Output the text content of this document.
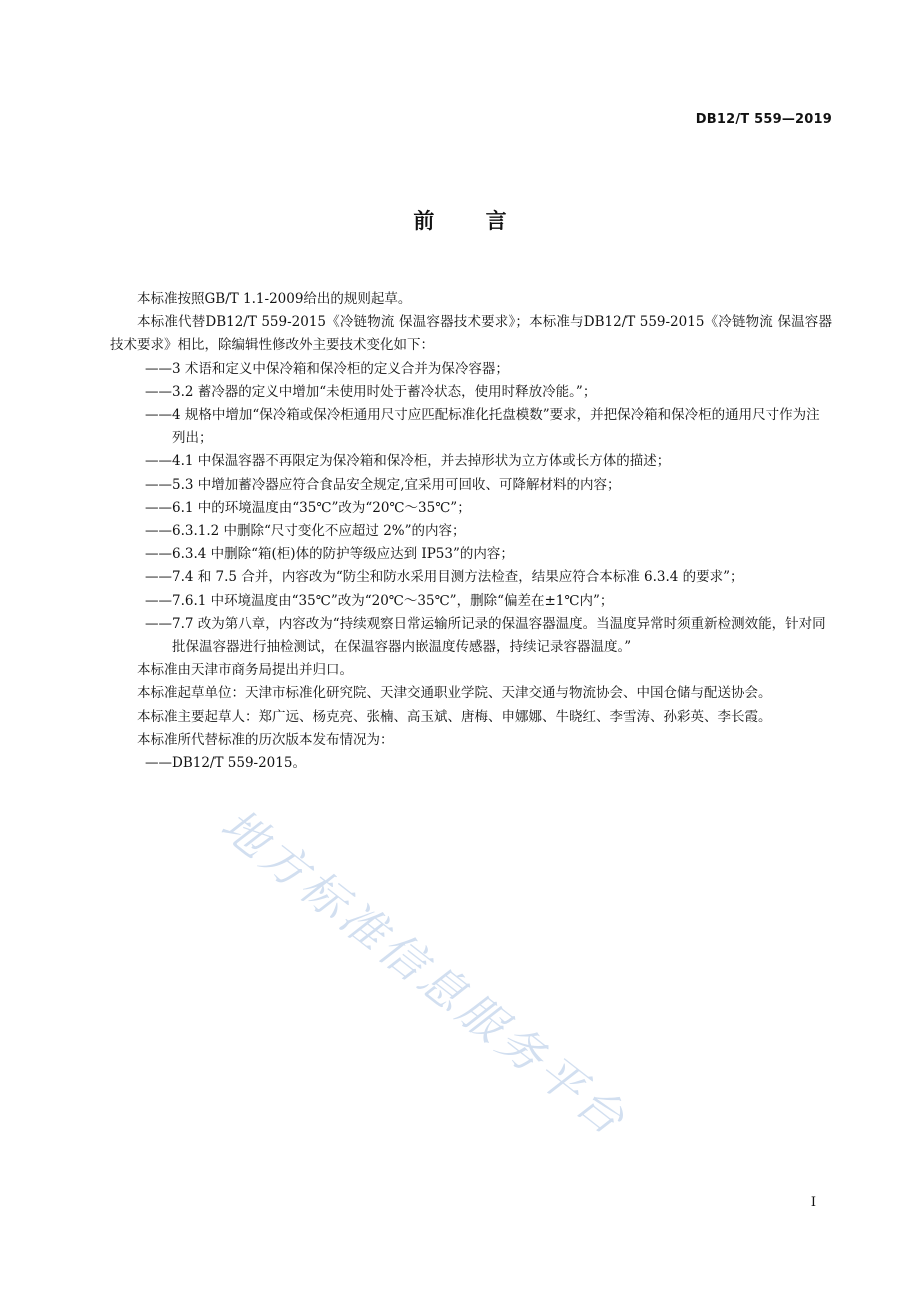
DB12/T 559—2019
前 言

本标准按照GB/T 1.1-2009给出的规则起草。

本标准代替DB12/T 559-2015《冷链物流 保温容器技术要求》；本标准与DB12/T 559-2015《冷链物流 保温容器技术要求》相比，除编辑性修改外主要技术变化如下：

——3 术语和定义中保冷箱和保冷柜的定义合并为保冷容器；

——3.2 蓄冷器的定义中增加“未使用时处于蓄冷状态，使用时释放冷能。”；

——4 规格中增加“保冷箱或保冷柜通用尺寸应匹配标准化托盘模数”要求，并把保冷箱和保冷柜的通用尺寸作为注列出；

——4.1 中保温容器不再限定为保冷箱和保冷柜，并去掉形状为立方体或长方体的描述；

——5.3 中增加蓄冷器应符合食品安全规定,宜采用可回收、可降解材料的内容；

——6.1 中的环境温度由“35℃”改为“20℃～35℃”；

——6.3.1.2 中删除“尺寸变化不应超过 2%”的内容；

——6.3.4 中删除“箱(柜)体的防护等级应达到 IP53”的内容；

——7.4 和 7.5 合并，内容改为“防尘和防水采用目测方法检查，结果应符合本标准 6.3.4 的要求”；

——7.6.1 中环境温度由“35℃”改为“20℃～35℃”，删除“偏差在±1℃内”；

——7.7 改为第八章，内容改为“持续观察日常运输所记录的保温容器温度。当温度异常时须重新检测效能，针对同批保温容器进行抽检测试，在保温容器内嵌温度传感器，持续记录容器温度。”

本标准由天津市商务局提出并归口。

本标准起草单位：天津市标准化研究院、天津交通职业学院、天津交通与物流协会、中国仓储与配送协会。

本标准主要起草人：郑广远、杨克亮、张楠、高玉斌、唐梅、申娜娜、牛晓红、李雪涛、孙彩英、李长霞。

本标准所代替标准的历次版本发布情况为：

——DB12/T 559-2015。

地方标准信息服务平台
I
